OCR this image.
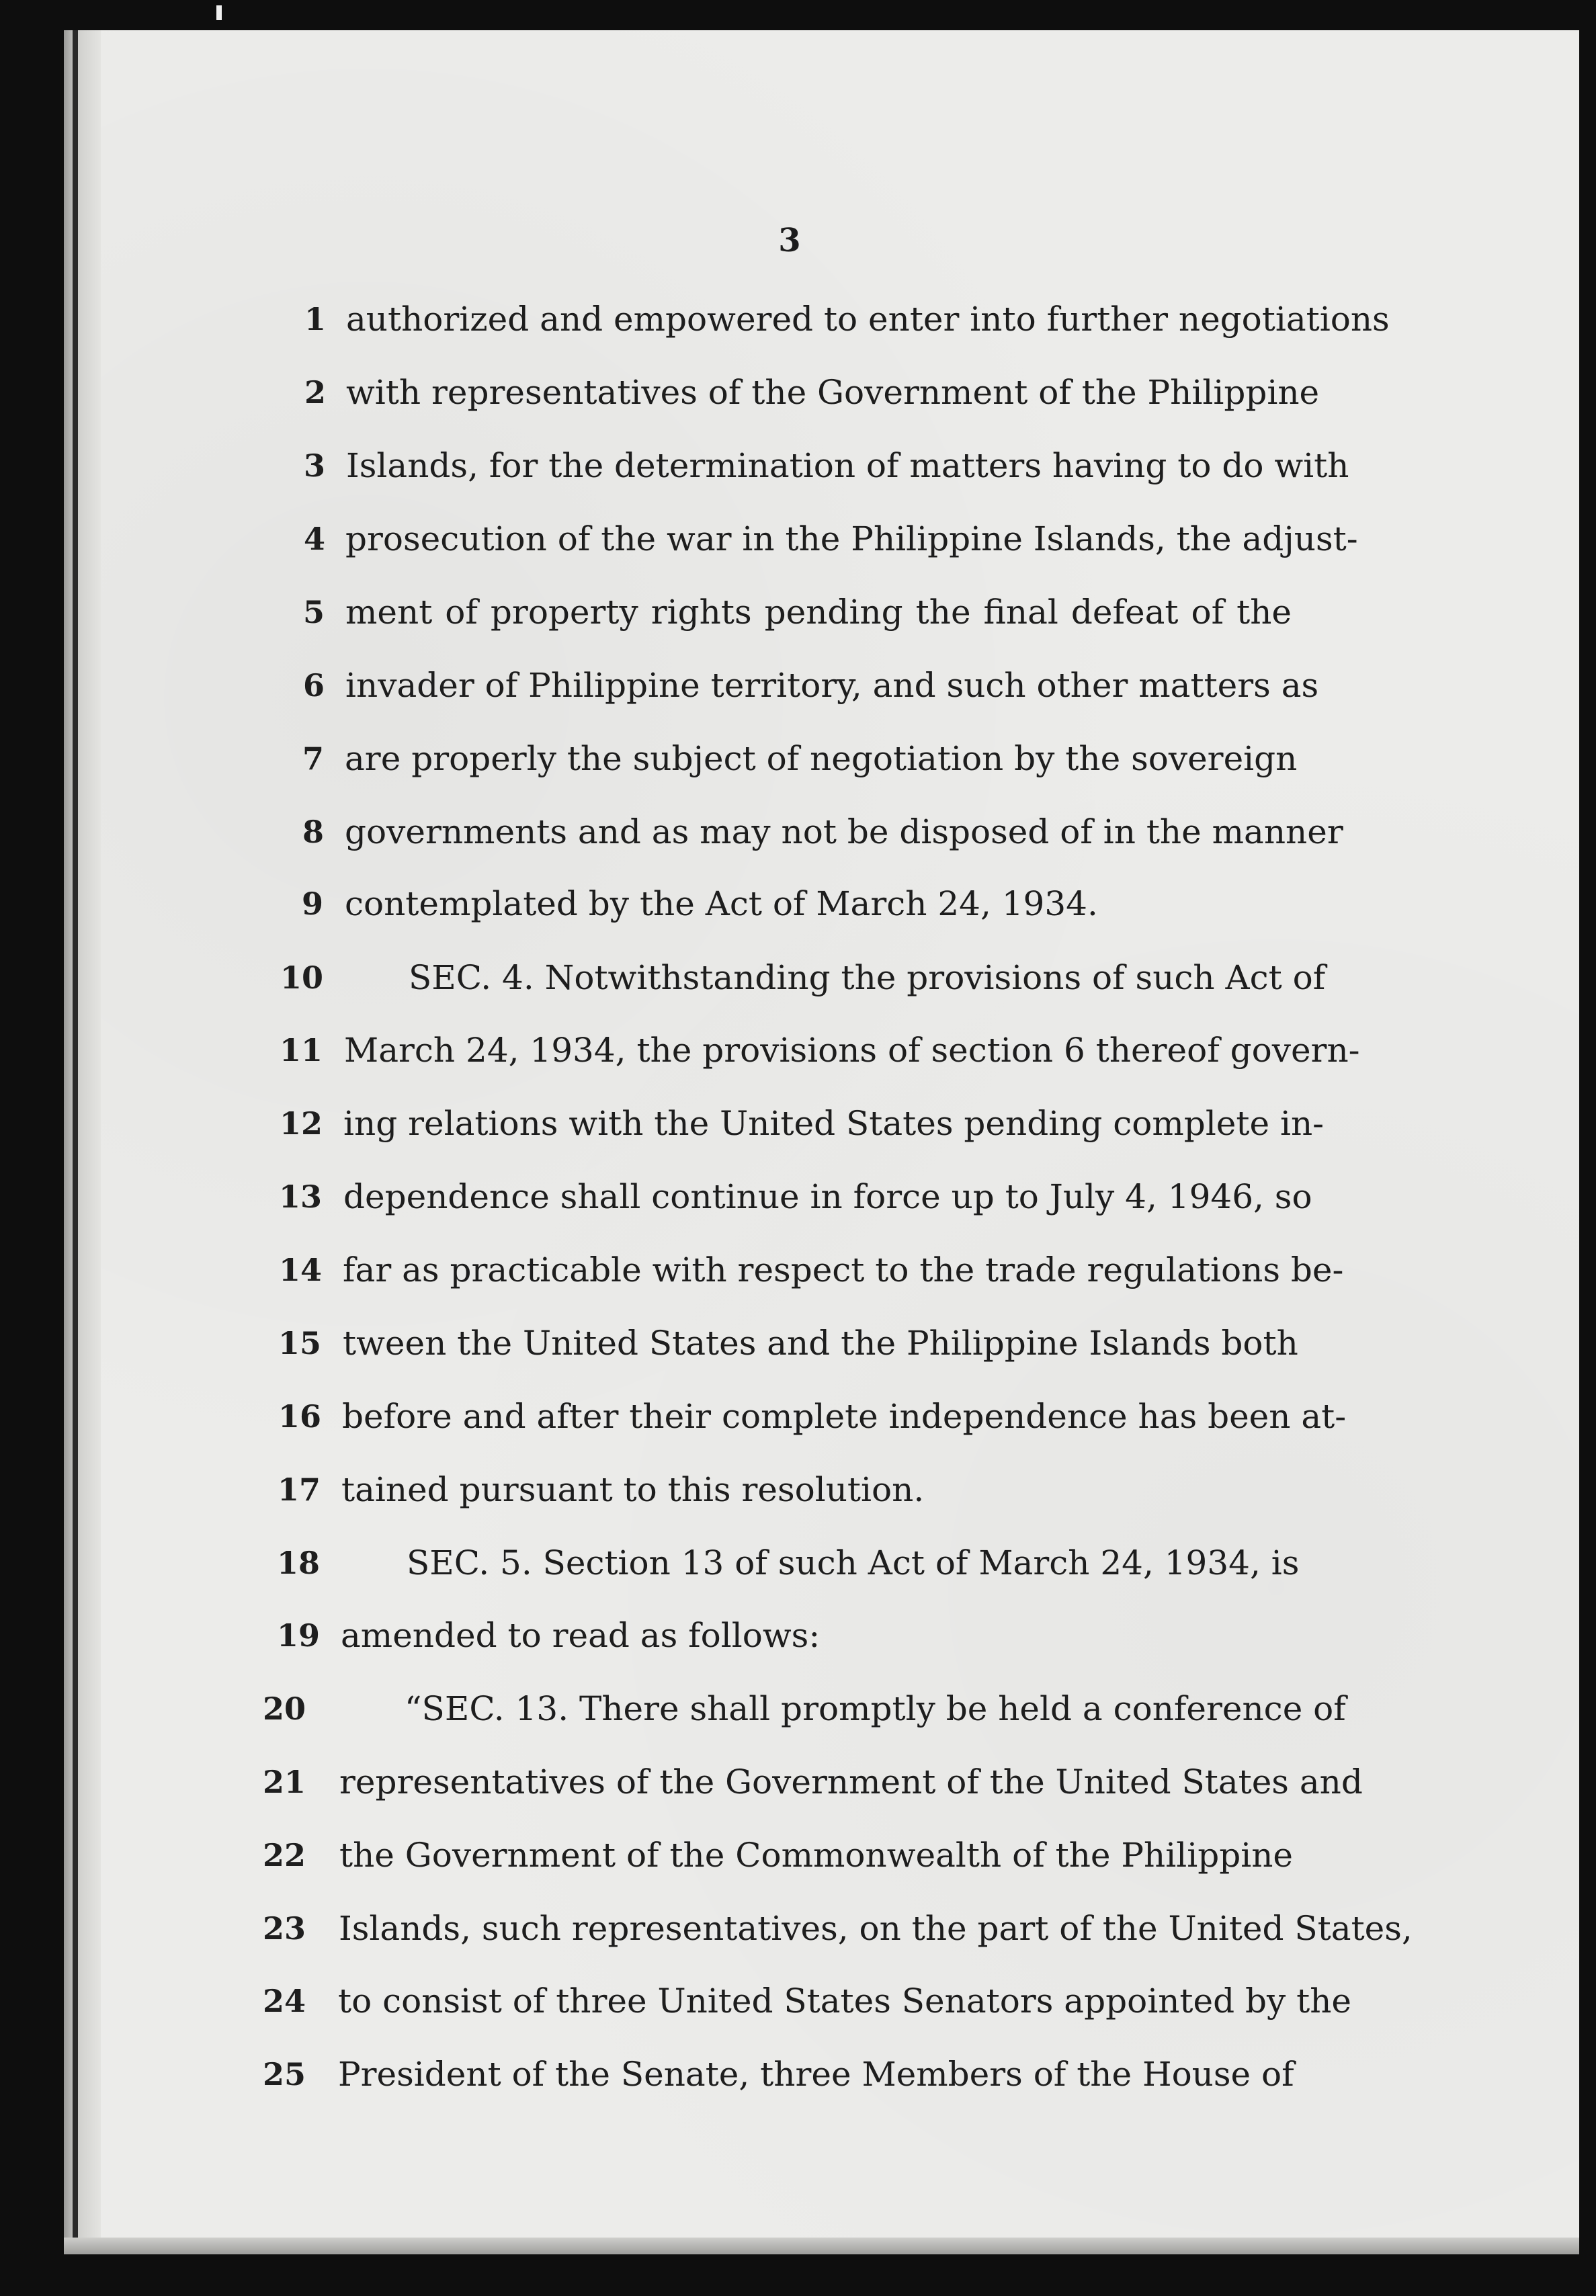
3
1 authorized and empowered to enter into further negotiations
2 with representatives of the Government of the Philippine
3 Islands, for the determination of matters having to do with
4 prosecution of the war in the Philippine Islands, the adjust-
5 ment of property rights pending the final defeat of the
6 invader of Philippine territory, and such other matters as
7 are properly the subject of negotiation by the sovereign
8 governments and as may not be disposed of in the manner
9 contemplated by the Act of March 24, 1934.
10	SEC. 4. Notwithstanding the provisions of such Act of
11 March 24, 1934, the provisions of section 6 thereof govern-
12 ing relations with the United States pending complete in-
13 dependence shall continue in force up to July 4, 1946, so
14 far as practicable with respect to the trade regulations be-
15 tween the United States and the Philippine Islands both
16 before and after their complete independence has been at-
17 tained pursuant to this resolution.
18	SEC. 5. Section 13 of such Act of March 24, 1934, is
19 amended to read as follows:
20	“SEC. 13. There shall promptly be held a conference of
21 representatives of the Government of the United States and
22 the Government of the Commonwealth of the Philippine
23 Islands, such representatives, on the part of the United States,
24 to consist of three United States Senators appointed by the
25 President of the Senate, three Members of the House of
